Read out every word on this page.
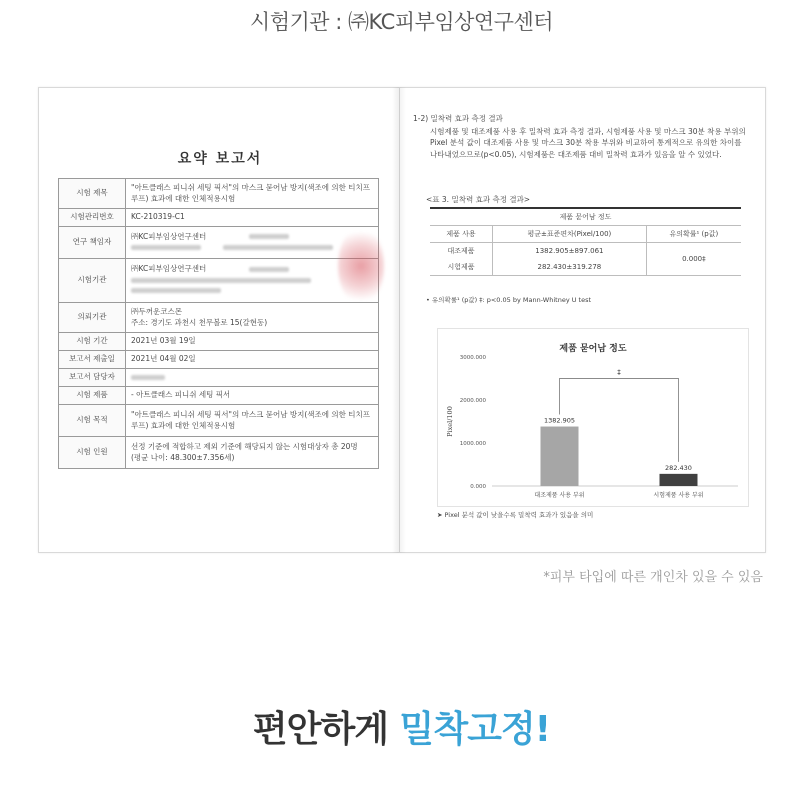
시험기관 : ㈜KC피부임상연구센터
요약 보고서
시험 제목	"아트클래스 피니쉬 세팅 픽서"의 마스크 묻어남 방지(색조에 의한 티치프루프) 효과에 대한 인체적용시험
시험관리번호	KC-210319-C1
연구 책임자	㈜KC피부임상연구센터

시험기관	㈜KC피부임상연구센터

의뢰기관	㈜두꺼운코스몬
주소: 경기도 과천시 천무볼로 15(갈현동)
시험 기간	2021년 03월 19일
보고서 제출일	2021년 04월 02일
보고서 담당자	
시험 제품	- 아트클래스 피니쉬 세팅 픽서
시험 목적	"아트클래스 피니쉬 세팅 픽서"의 마스크 묻어남 방지(색조에 의한 티치프루프) 효과에 대한 인체적용시험
시험 인원	선정 기준에 적합하고 제외 기준에 해당되지 않는 시험대상자 총 20명
(평균 나이: 48.300±7.356세)
1-2) 밀착력 효과 측정 결과
시험제품 및 대조제품 사용 후 밀착력 효과 측정 결과, 시험제품 사용 및 마스크 30분 착용 부위의 Pixel 분석 값이 대조제품 사용 및 마스크 30분 착용 부위와 비교하여 통계적으로 유의한 차이를 나타내었으므로(p<0.05), 시험제품은 대조제품 대비 밀착력 효과가 있음을 알 수 있었다.
<표 3. 밀착력 효과 측정 결과>
제품 묻어남 정도		
제품 사용	평균±표준편차(Pixel/100)	유의확률¹ (p값)
대조제품	1382.905±897.061	0.000‡
시험제품	282.430±319.278	
• 유의확률¹ (p값) ‡: p<0.05 by Mann-Whitney U test
제품 묻어남 정도
Pixel/100
0.000
1000.000
2000.000
3000.000
1382.905
대조제품 사용 부위
282.430
시험제품 사용 부위
‡
➤ Pixel 분석 값이 낮을수록 밀착력 효과가 있음을 의미
*피부 타입에 따른 개인차 있을 수 있음
편안하게 밀착고정!
